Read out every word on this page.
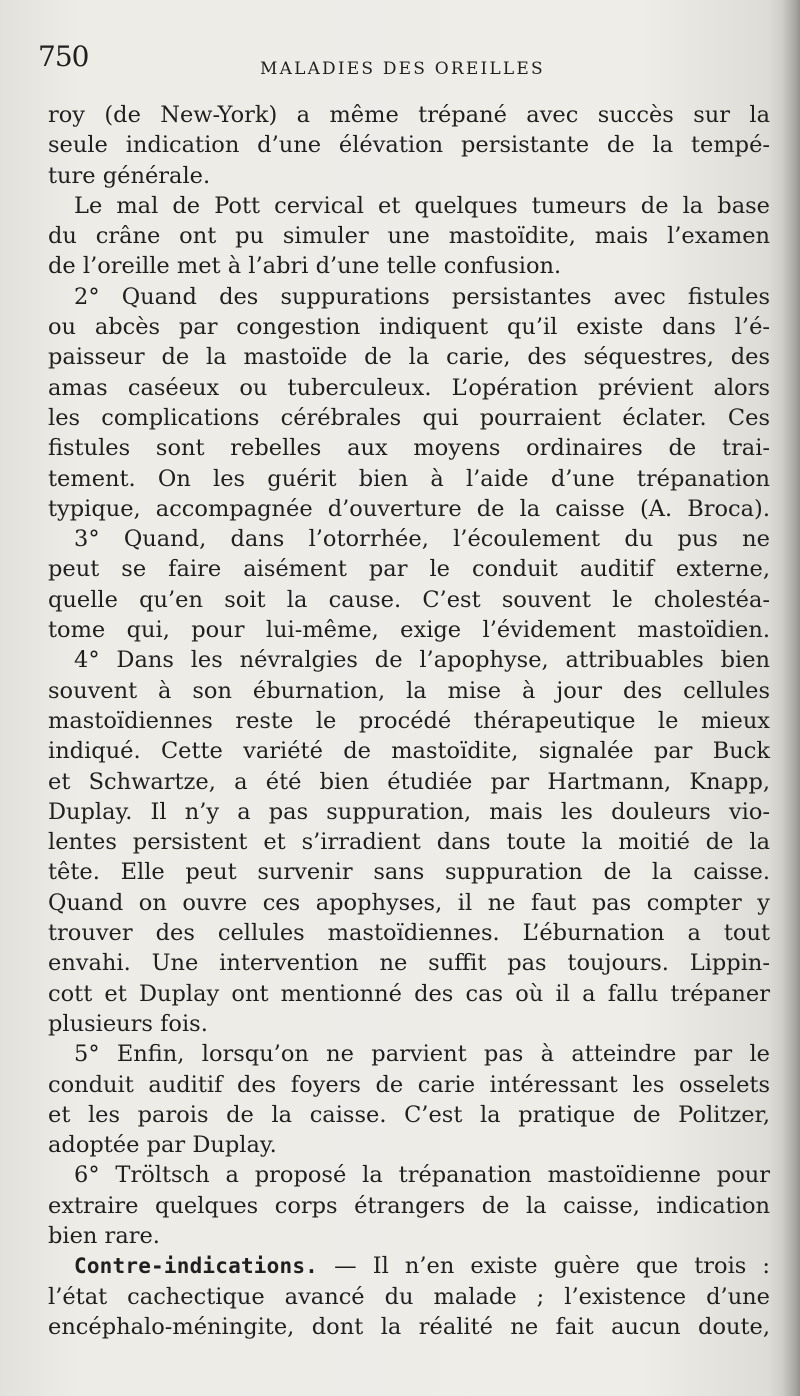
750	MALADIES DES OREILLES
roy (de New-York) a même trépané avec succès sur la
seule indication d’une élévation persistante de la tempé-
ture générale.
Le mal de Pott cervical et quelques tumeurs de la base
du crâne ont pu simuler une mastoïdite, mais l’examen
de l’oreille met à l’abri d’une telle confusion.
2° Quand des suppurations persistantes avec fistules
ou abcès par congestion indiquent qu’il existe dans l’é-
paisseur de la mastoïde de la carie, des séquestres, des
amas caséeux ou tuberculeux. L’opération prévient alors
les complications cérébrales qui pourraient éclater. Ces
fistules sont rebelles aux moyens ordinaires de trai-
tement. On les guérit bien à l’aide d’une trépanation
typique, accompagnée d’ouverture de la caisse (A. Broca).
3° Quand, dans l’otorrhée, l’écoulement du pus ne
peut se faire aisément par le conduit auditif externe,
quelle qu’en soit la cause. C’est souvent le cholestéa-
tome qui, pour lui-même, exige l’évidement mastoïdien.
4° Dans les névralgies de l’apophyse, attribuables bien
souvent à son éburnation, la mise à jour des cellules
mastoïdiennes reste le procédé thérapeutique le mieux
indiqué. Cette variété de mastoïdite, signalée par Buck
et Schwartze, a été bien étudiée par Hartmann, Knapp,
Duplay. Il n’y a pas suppuration, mais les douleurs vio-
lentes persistent et s’irradient dans toute la moitié de la
tête. Elle peut survenir sans suppuration de la caisse.
Quand on ouvre ces apophyses, il ne faut pas compter y
trouver des cellules mastoïdiennes. L’éburnation a tout
envahi. Une intervention ne suffit pas toujours. Lippin-
cott et Duplay ont mentionné des cas où il a fallu trépaner
plusieurs fois.
5° Enfin, lorsqu’on ne parvient pas à atteindre par le
conduit auditif des foyers de carie intéressant les osselets
et les parois de la caisse. C’est la pratique de Politzer,
adoptée par Duplay.
6° Tröltsch a proposé la trépanation mastoïdienne pour
extraire quelques corps étrangers de la caisse, indication
bien rare.
Contre-indications. — Il n’en existe guère que trois :
l’état cachectique avancé du malade ; l’existence d’une
encéphalo-méningite, dont la réalité ne fait aucun doute,
